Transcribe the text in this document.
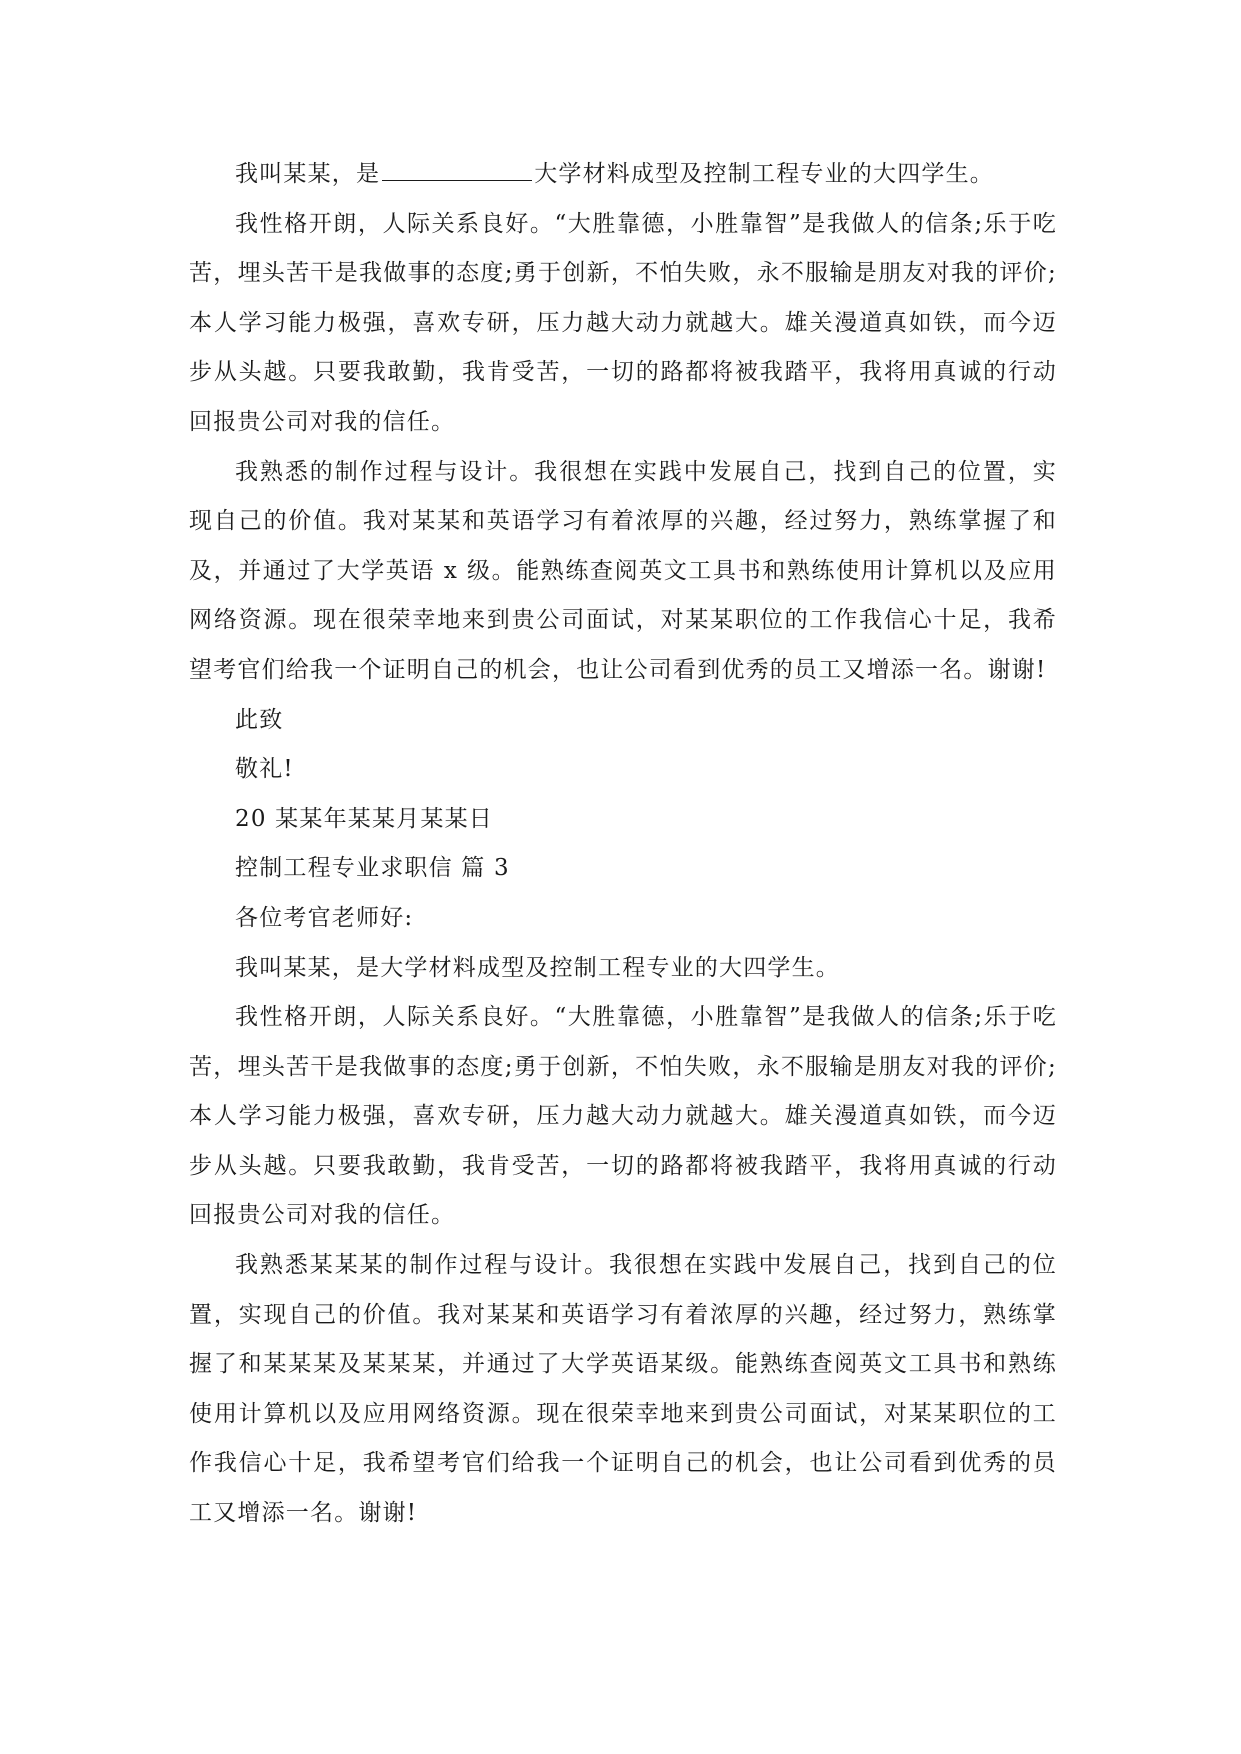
我叫某某，是	大学材料成型及控制工程专业的大四学生。

我性格开朗，人际关系良好。“大胜靠德，小胜靠智”是我做人的信条;乐于吃苦，埋头苦干是我做事的态度;勇于创新，不怕失败，永不服输是朋友对我的评价;本人学习能力极强，喜欢专研，压力越大动力就越大。雄关漫道真如铁，而今迈步从头越。只要我敢勤，我肯受苦，一切的路都将被我踏平，我将用真诚的行动回报贵公司对我的信任。

我熟悉的制作过程与设计。我很想在实践中发展自己，找到自己的位置，实现自己的价值。我对某某和英语学习有着浓厚的兴趣，经过努力，熟练掌握了和及，并通过了大学英语 x 级。能熟练查阅英文工具书和熟练使用计算机以及应用网络资源。现在很荣幸地来到贵公司面试，对某某职位的工作我信心十足，我希望考官们给我一个证明自己的机会，也让公司看到优秀的员工又增添一名。谢谢!

此致

敬礼!

20 某某年某某月某某日

控制工程专业求职信 篇 3

各位考官老师好:

我叫某某，是大学材料成型及控制工程专业的大四学生。

我性格开朗，人际关系良好。“大胜靠德，小胜靠智”是我做人的信条;乐于吃苦，埋头苦干是我做事的态度;勇于创新，不怕失败，永不服输是朋友对我的评价;本人学习能力极强，喜欢专研，压力越大动力就越大。雄关漫道真如铁，而今迈步从头越。只要我敢勤，我肯受苦，一切的路都将被我踏平，我将用真诚的行动回报贵公司对我的信任。

我熟悉某某某的制作过程与设计。我很想在实践中发展自己，找到自己的位置，实现自己的价值。我对某某和英语学习有着浓厚的兴趣，经过努力，熟练掌握了和某某某及某某某，并通过了大学英语某级。能熟练查阅英文工具书和熟练使用计算机以及应用网络资源。现在很荣幸地来到贵公司面试，对某某职位的工作我信心十足，我希望考官们给我一个证明自己的机会，也让公司看到优秀的员工又增添一名。谢谢!
